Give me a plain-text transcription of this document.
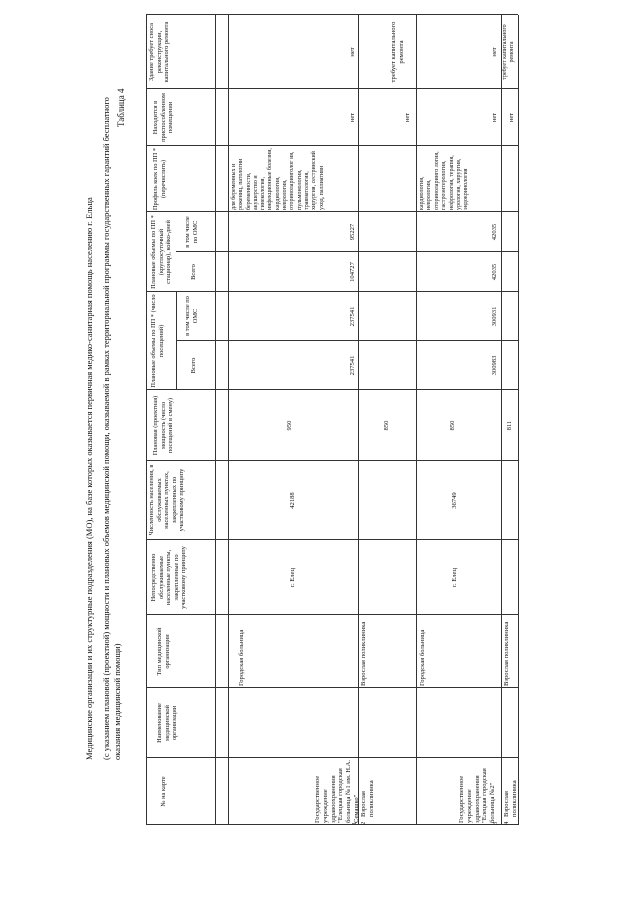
Медицинские организации и их структурные подразделения (МО), на базе которых оказывается первичная медико-санитарная помощь населению г. Ельца (с указанием плановой (проектной) мощности и плановых объемов медицинской помощи, оказываемой в рамках территориальной программы государственных гарантий бесплатного оказания медицинской помощи)
Таблица 4
№ на карте
Наименование медицинской организации
Тип медицинской организации
Непосредственно обслуживаемые населенные пункты, закрепленные по участковому принципу
Численность населения, в обслуживаемых населенных пунктах, закрепленных по участковому принципу
Плановая (проектная) мощность (число посещений в смену)
Плановые объемы по ПП * (число посещений)
Всего
в том числе по ОМС
Плановые объемы по ПП * (круглосуточный стационар), койко-дней	Всего
в том числе по ОМС
Профиль коек по ПП * (перечислить)
Находится в приспособленном помещении
Здание требует сноса реконструкции, капитального ремонта
Государственное учреждение здравоохранения "Елецкая городская больница №1 им. Н.А. Семашко"
1
Городская больница
г. Елец
42188
950
237541
237541
104727
95227
для беременных и рожениц, патологии беременности, акушерство и гинекология, инфекционные болезни, кардиология, неврология, оториноларинголог ия, пульмонология, травматология, хирургия, сестринский уход, паллиативн
нет
нет
2
Взрослая поликлиника
Взрослая поликлиника
850
нет
требует капитального ремонта
Государственное учреждение здравоохранения "Елецкая городская больница №2"
3
Городская больница
г. Елец
36749
850
300983
300931
42035
42035
кардиология, неврология, оториноларинго логия, гастроэнтерология, нефрология, терапия, урология, хирургия, эндокринология
нет
нет
4
Взрослая поликлиника
Взрослая поликлиника
811
нет
требует капитального ремонта
